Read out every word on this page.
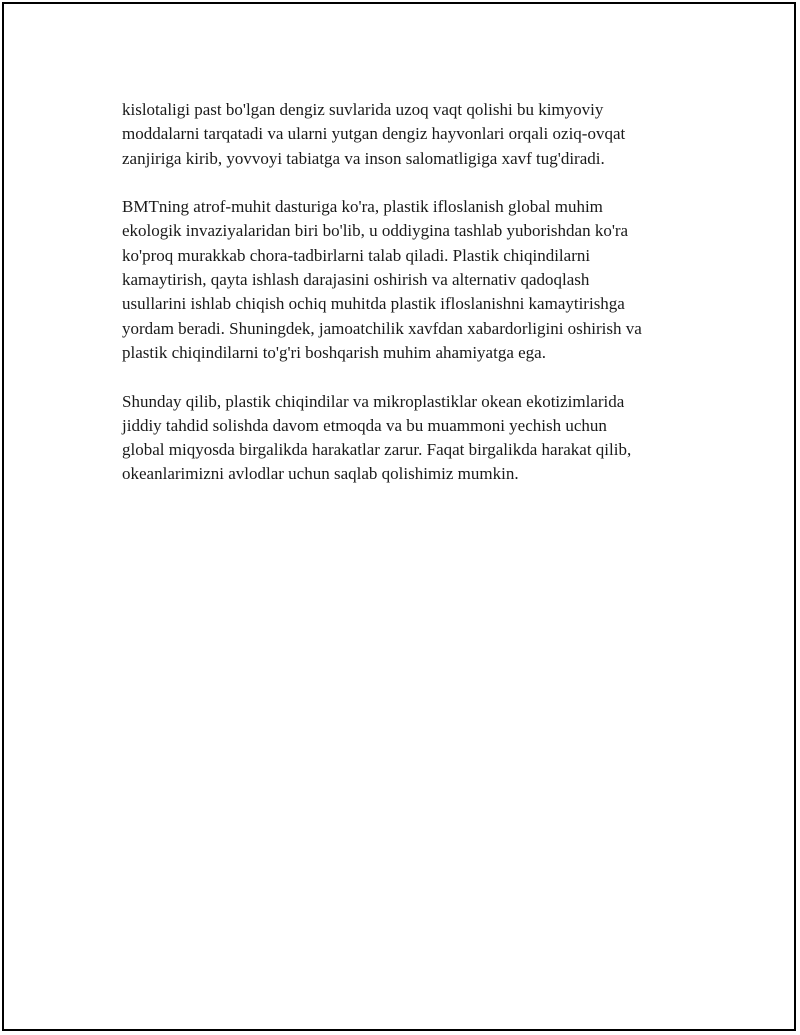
kislotaligi past bo'lgan dengiz suvlarida uzoq vaqt qolishi bu kimyoviy
moddalarni tarqatadi va ularni yutgan dengiz hayvonlari orqali oziq-ovqat
zanjiriga kirib, yovvoyi tabiatga va inson salomatligiga xavf tug'diradi.

BMTning atrof-muhit dasturiga ko'ra, plastik ifloslanish global muhim
ekologik invaziyalaridan biri bo'lib, u oddiygina tashlab yuborishdan ko'ra
ko'proq murakkab chora-tadbirlarni talab qiladi. Plastik chiqindilarni
kamaytirish, qayta ishlash darajasini oshirish va alternativ qadoqlash
usullarini ishlab chiqish ochiq muhitda plastik ifloslanishni kamaytirishga
yordam beradi. Shuningdek, jamoatchilik xavfdan xabardorligini oshirish va
plastik chiqindilarni to'g'ri boshqarish muhim ahamiyatga ega.

Shunday qilib, plastik chiqindilar va mikroplastiklar okean ekotizimlarida
jiddiy tahdid solishda davom etmoqda va bu muammoni yechish uchun
global miqyosda birgalikda harakatlar zarur. Faqat birgalikda harakat qilib,
okeanlarimizni avlodlar uchun saqlab qolishimiz mumkin.
